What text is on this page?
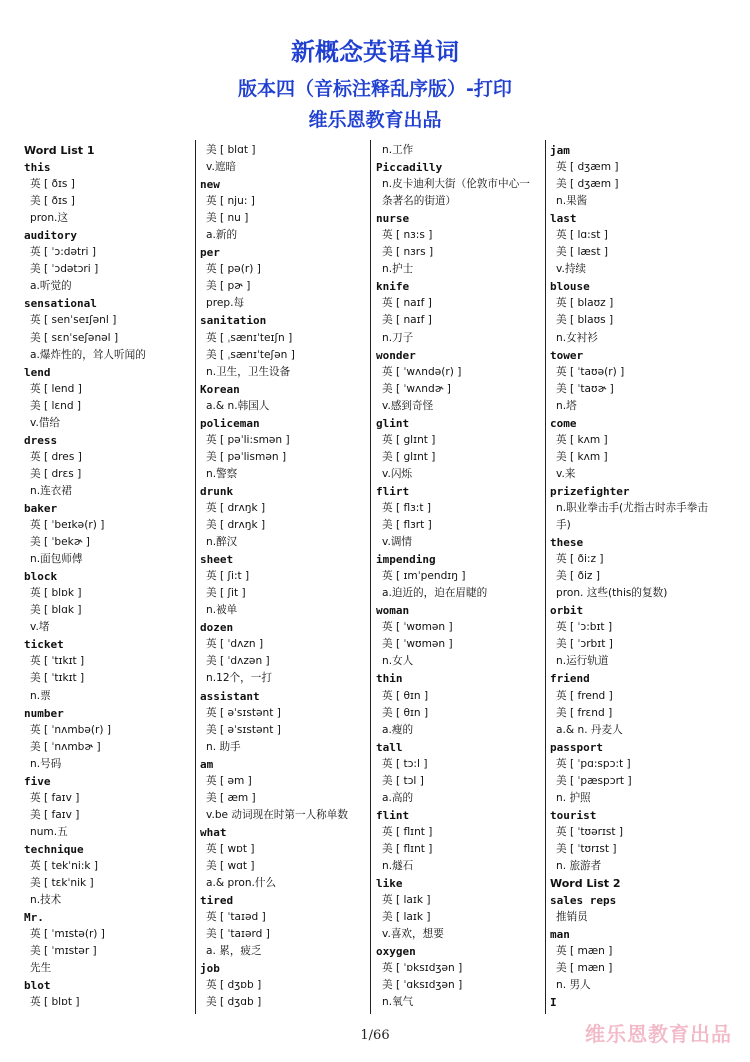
新概念英语单词
版本四（音标注释乱序版）-打印
维乐恩教育出品
Word List 1
this
英 [ ðɪs ]
美 [ ðɪs ]
pron.这
auditory
英 [ ˈɔ:dətri ]
美 [ ˈɔdətɔri ]
a.听觉的
sensational
英 [ senˈseɪʃənl ]
美 [ sɛnˈseʃənəl ]
a.爆炸性的，耸人听闻的
lend
英 [ lend ]
美 [ lɛnd ]
v.借给
dress
英 [ dres ]
美 [ drɛs ]
n.连衣裙
baker
英 [ ˈbeɪkə(r) ]
美 [ ˈbekɚ ]
n.面包师傅
block
英 [ blɒk ]
美 [ blɑk ]
v.堵
ticket
英 [ ˈtɪkɪt ]
美 [ ˈtɪkɪt ]
n.票
number
英 [ ˈnʌmbə(r) ]
美 [ ˈnʌmbɚ ]
n.号码
five
英 [ faɪv ]
美 [ faɪv ]
num.五
technique
英 [ tekˈni:k ]
美 [ tɛkˈnik ]
n.技术
Mr.
英 [ ˈmɪstə(r) ]
美 [ ˈmɪstər ]
先生
blot
英 [ blɒt ]
美 [ blɑt ]
v.遮暗
new
英 [ nju: ]
美 [ nu ]
a.新的
per
英 [ pə(r) ]
美 [ pɚ ]
prep.每
sanitation
英 [ ˌsænɪˈteɪʃn ]
美 [ ˌsænɪˈteʃən ]
n.卫生，卫生设备
Korean
a.& n.韩国人
policeman
英 [ pəˈli:smən ]
美 [ pəˈlismən ]
n.警察
drunk
英 [ drʌŋk ]
美 [ drʌŋk ]
n.醉汉
sheet
英 [ ʃi:t ]
美 [ ʃit ]
n.被单
dozen
英 [ ˈdʌzn ]
美 [ ˈdʌzən ]
n.12个，一打
assistant
英 [ əˈsɪstənt ]
美 [ əˈsɪstənt ]
n. 助手
am
英 [ əm ]
美 [ æm ]
v.be 动词现在时第一人称单数
what
英 [ wɒt ]
美 [ wɑt ]
a.& pron.什么
tired
英 [ ˈtaɪəd ]
美 [ ˈtaɪərd ]
a. 累，疲乏
job
英 [ dʒɒb ]
美 [ dʒɑb ]
n.工作
Piccadilly
n.皮卡迪利大街（伦敦市中心一条著名的街道）
nurse
英 [ nɜ:s ]
美 [ nɜrs ]
n.护士
knife
英 [ naɪf ]
美 [ naɪf ]
n.刀子
wonder
英 [ ˈwʌndə(r) ]
美 [ ˈwʌndɚ ]
v.感到奇怪
glint
英 [ glɪnt ]
美 [ glɪnt ]
v.闪烁
flirt
英 [ flɜ:t ]
美 [ flɜrt ]
v.调情
impending
英 [ ɪmˈpendɪŋ ]
a.迫近的，迫在眉睫的
woman
英 [ ˈwʊmən ]
美 [ ˈwʊmən ]
n.女人
thin
英 [ θɪn ]
美 [ θɪn ]
a.瘦的
tall
英 [ tɔ:l ]
美 [ tɔl ]
a.高的
flint
英 [ flɪnt ]
美 [ flɪnt ]
n.燧石
like
英 [ laɪk ]
美 [ laɪk ]
v.喜欢，想要
oxygen
英 [ ˈɒksɪdʒən ]
美 [ ˈɑksɪdʒən ]
n.氧气
jam
英 [ dʒæm ]
美 [ dʒæm ]
n.果酱
last
英 [ lɑ:st ]
美 [ læst ]
v.持续
blouse
英 [ blaʊz ]
美 [ blaʊs ]
n.女衬衫
tower
英 [ ˈtaʊə(r) ]
美 [ ˈtaʊɚ ]
n.塔
come
英 [ kʌm ]
美 [ kʌm ]
v.来
prizefighter
n.职业拳击手(尤指古时赤手拳击手)
these
英 [ ði:z ]
美 [ ðiz ]
pron. 这些(this的复数)
orbit
英 [ ˈɔ:bɪt ]
美 [ ˈɔrbɪt ]
n.运行轨道
friend
英 [ frend ]
美 [ frɛnd ]
a.& n. 丹麦人
passport
英 [ ˈpɑ:spɔ:t ]
美 [ ˈpæspɔrt ]
n. 护照
tourist
英 [ ˈtʊərɪst ]
美 [ ˈtʊrɪst ]
n. 旅游者
Word List 2
sales reps
推销员
man
英 [ mæn ]
美 [ mæn ]
n. 男人
I
1/66	维乐恩教育出品
